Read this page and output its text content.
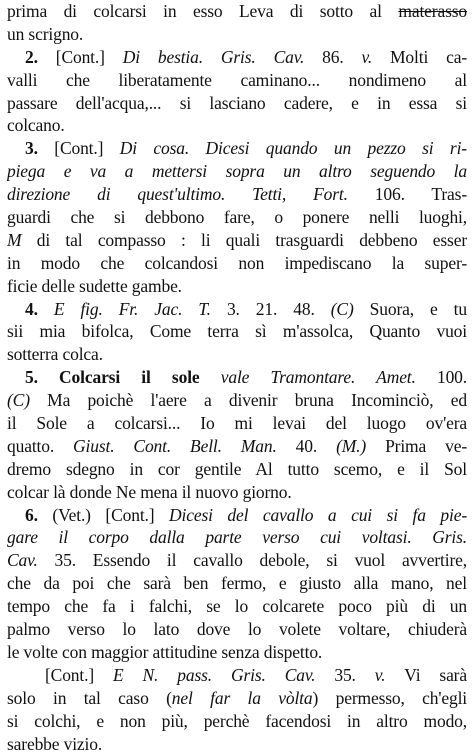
prima di colcarsi in esso Leva di sotto al materasso
un scrigno.
2. [Cont.] Di bestia. Gris. Cav. 86. v. Molti ca-
valli che liberatamente caminano... nondimeno al
passare dell'acqua,... si lasciano cadere, e in essa si
colcano.
3. [Cont.] Di cosa. Dicesi quando un pezzo si ri-
piega e va a mettersi sopra un altro seguendo la
direzione di quest'ultimo. Tetti, Fort. 106. Tras-
guardi che si debbono fare, o ponere nelli luoghi,
M di tal compasso : li quali trasguardi debbeno esser
in modo che colcandosi non impediscano la super-
ficie delle sudette gambe.
4. E fig. Fr. Jac. T. 3. 21. 48. (C) Suora, e tu
sii mia bifolca, Come terra sì m'assolca, Quanto vuoi
sotterra colca.
5. Colcarsi il sole vale Tramontare. Amet. 100.
(C) Ma poichè l'aere a divenir bruna Incominciò, ed
il Sole a colcarsi... Io mi levai del luogo ov'era
quatto. Giust. Cont. Bell. Man. 40. (M.) Prima ve-
dremo sdegno in cor gentile Al tutto scemo, e il Sol
colcar là donde Ne mena il nuovo giorno.
6. (Vet.) [Cont.] Dicesi del cavallo a cui si fa pie-
gare il corpo dalla parte verso cui voltasi. Gris.
Cav. 35. Essendo il cavallo debole, si vuol avvertire,
che da poi che sarà ben fermo, e giusto alla mano, nel
tempo che fa i falchi, se lo colcarete poco più di un
palmo verso lo lato dove lo volete voltare, chiuderà
le volte con maggior attitudine senza dispetto.
[Cont.] E N. pass. Gris. Cav. 35. v. Vi sarà
solo in tal caso (nel far la vòlta) permesso, ch'egli
si colchi, e non più, perchè facendosi in altro modo,
sarebbe vizio.
